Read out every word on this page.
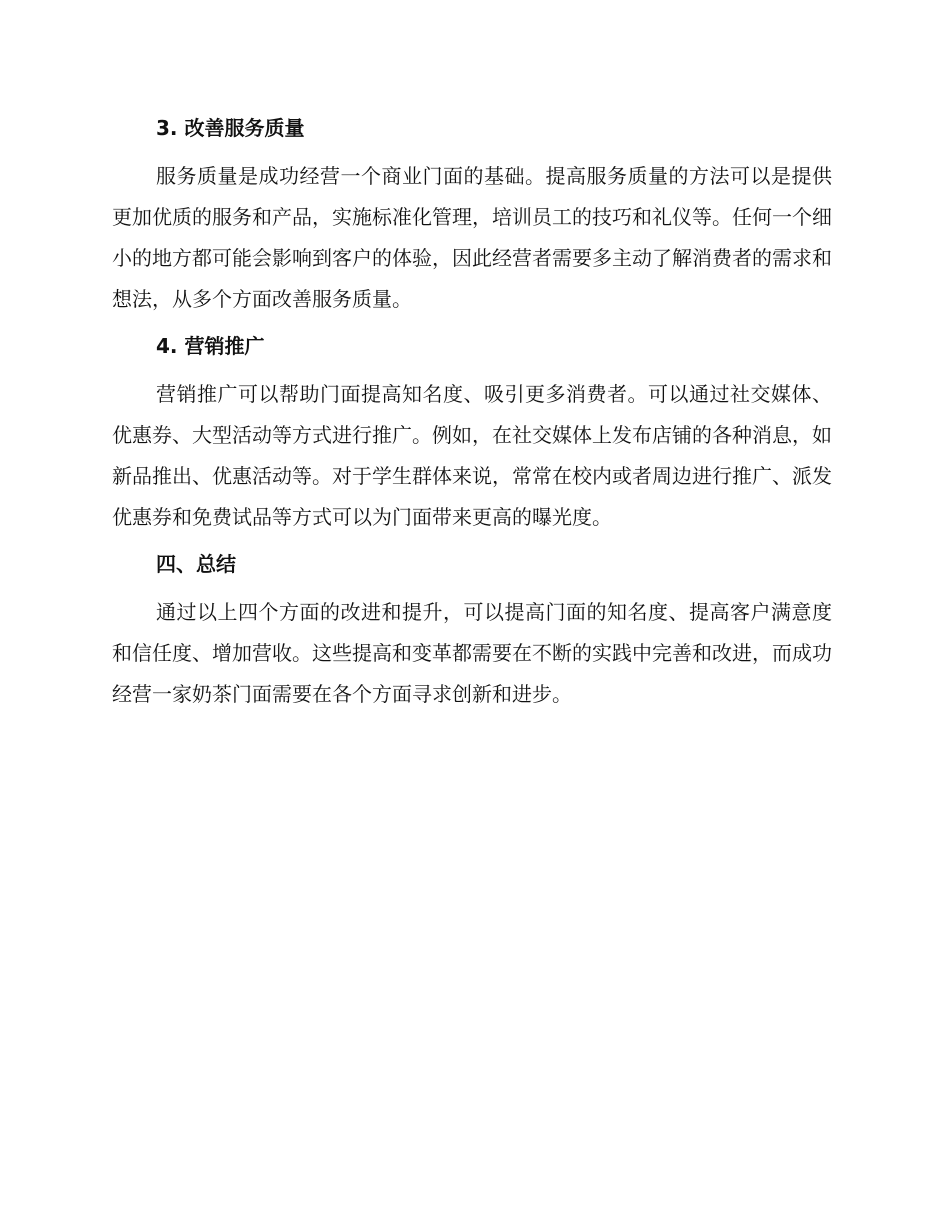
3. 改善服务质量

服务质量是成功经营一个商业门面的基础。提高服务质量的方法可以是提供更加优质的服务和产品，实施标准化管理，培训员工的技巧和礼仪等。任何一个细小的地方都可能会影响到客户的体验，因此经营者需要多主动了解消费者的需求和想法，从多个方面改善服务质量。

4. 营销推广

营销推广可以帮助门面提高知名度、吸引更多消费者。可以通过社交媒体、优惠券、大型活动等方式进行推广。例如，在社交媒体上发布店铺的各种消息，如新品推出、优惠活动等。对于学生群体来说，常常在校内或者周边进行推广、派发优惠券和免费试品等方式可以为门面带来更高的曝光度。

四、总结

通过以上四个方面的改进和提升，可以提高门面的知名度、提高客户满意度和信任度、增加营收。这些提高和变革都需要在不断的实践中完善和改进，而成功经营一家奶茶门面需要在各个方面寻求创新和进步。
